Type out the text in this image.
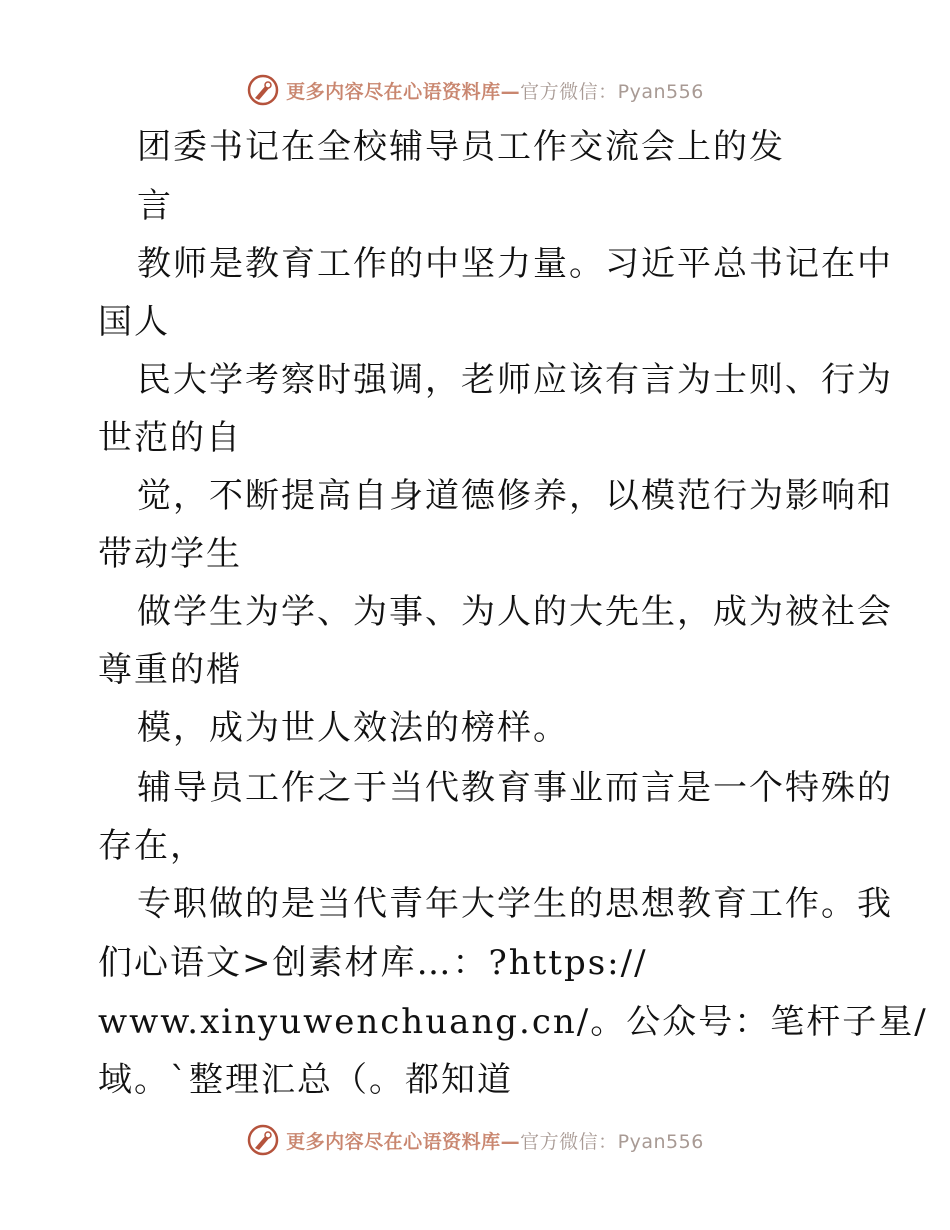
更多内容尽在心语资料库—官方微信：Pyan556
团委书记在全校辅导员工作交流会上的发
言
教师是教育工作的中坚力量。习近平总书记在中
国人
民大学考察时强调，老师应该有言为士则、行为
世范的自
觉，不断提高自身道德修养，以模范行为影响和
带动学生
做学生为学、为事、为人的大先生，成为被社会
尊重的楷
模，成为世人效法的榜样。
辅导员工作之于当代教育事业而言是一个特殊的
存在，
专职做的是当代青年大学生的思想教育工作。我
们心语文>创素材库…：?https://
www.xinyuwenchuang.cn/。公众号：笔杆子星/
域。`整理汇总（。都知道
更多内容尽在心语资料库—官方微信：Pyan556
